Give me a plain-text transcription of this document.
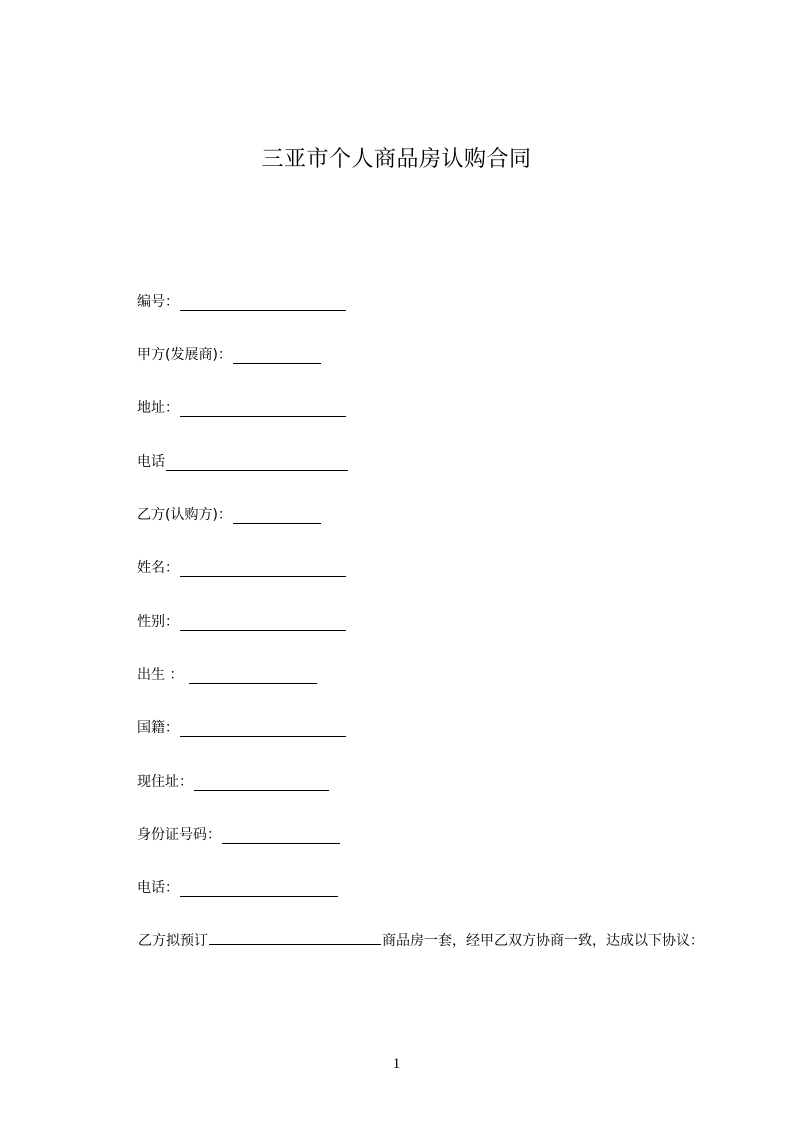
三亚市个人商品房认购合同
编号：
甲方(发展商)：
地址：
电话
乙方(认购方)：
姓名：
性别：
出生 ：
国籍：
现住址：
身份证号码：
电话：
乙方拟预订	商品房一套，经甲乙双方协商一致，达成以下协议：
1
